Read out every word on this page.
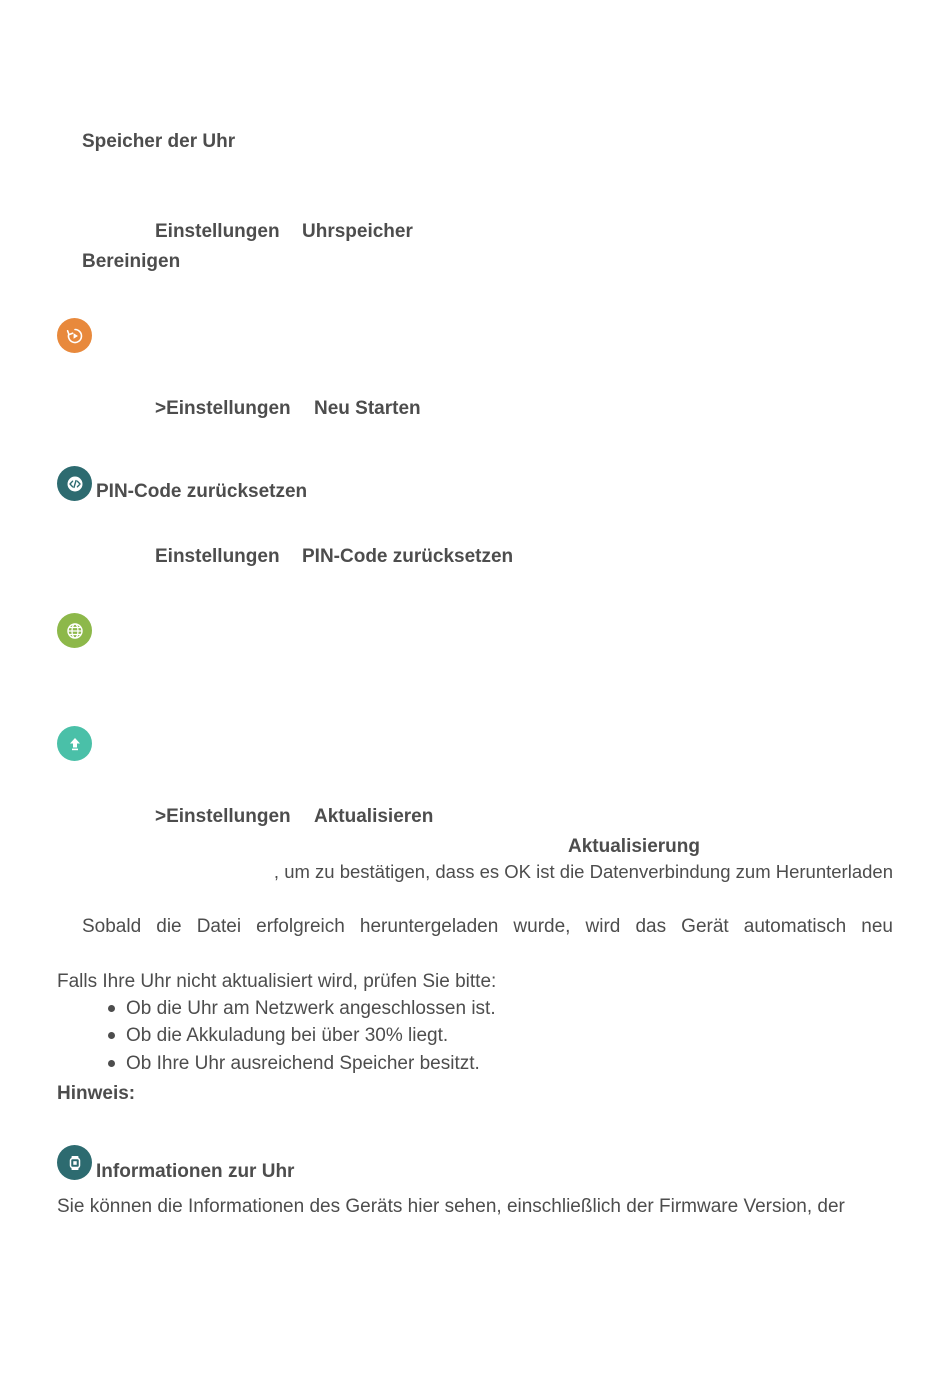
Speicher der Uhr
Einstellungen Uhrspeicher
Bereinigen
>Einstellungen Neu Starten
PIN-Code zurücksetzen
Einstellungen PIN-Code zurücksetzen
>Einstellungen Aktualisieren
Aktualisierung
, um zu bestätigen, dass es OK ist die Datenverbindung zum Herunterladen
Sobald die Datei erfolgreich heruntergeladen wurde, wird das Gerät automatisch neu
Falls Ihre Uhr nicht aktualisiert wird, prüfen Sie bitte:
Ob die Uhr am Netzwerk angeschlossen ist.
Ob die Akkuladung bei über 30% liegt.
Ob Ihre Uhr ausreichend Speicher besitzt.
Hinweis:
Informationen zur Uhr
Sie können die Informationen des Geräts hier sehen, einschließlich der Firmware Version, der
